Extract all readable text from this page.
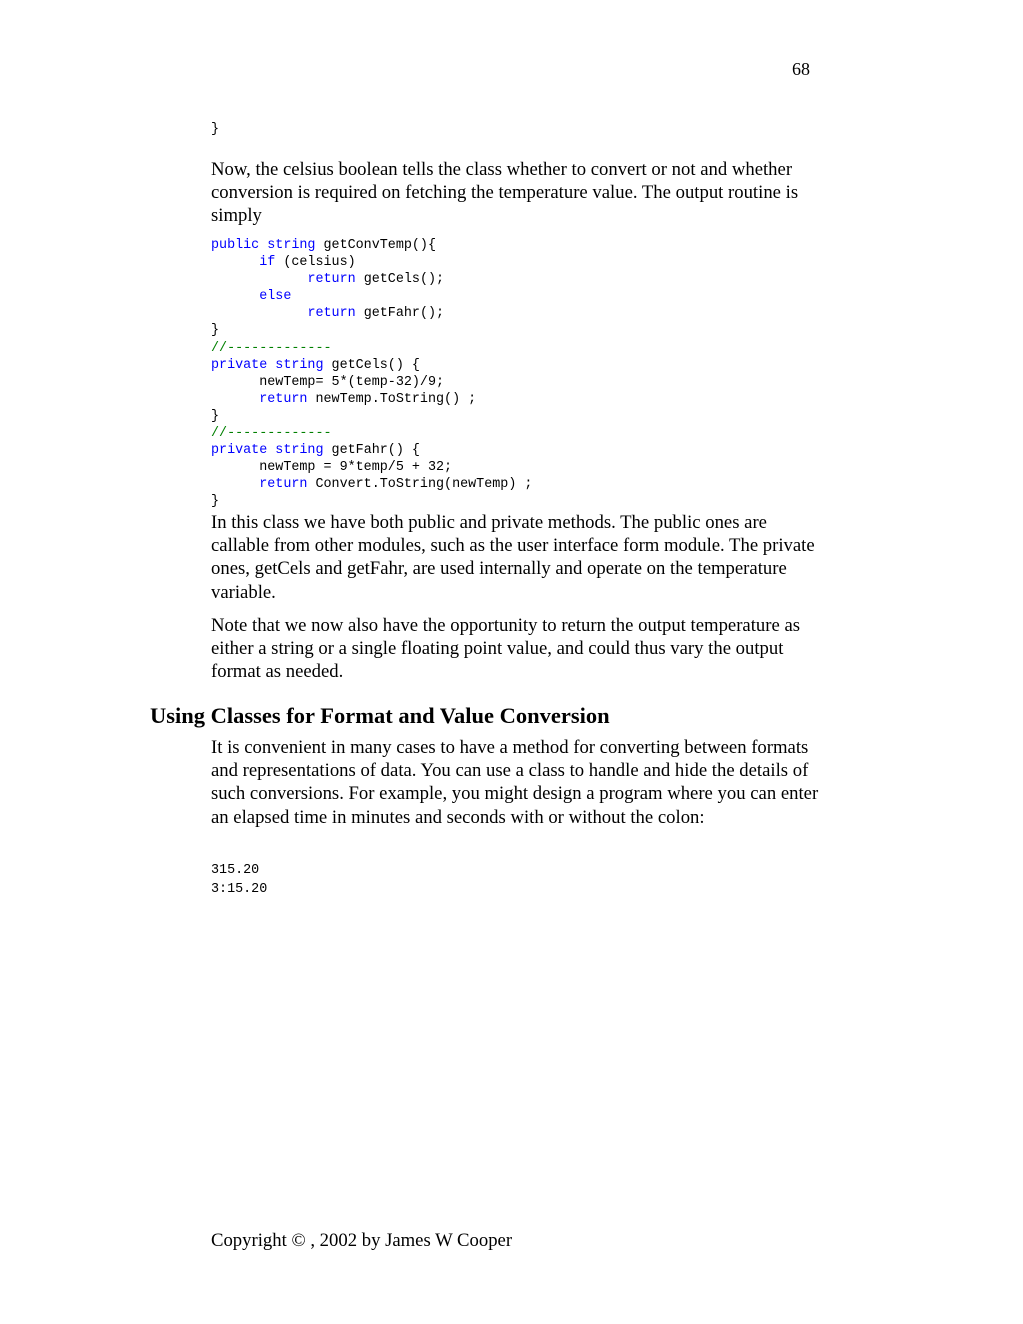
68
}

Now, the celsius boolean tells the class whether to convert or not and whether conversion is required on fetching the temperature value. The output routine is simply

public string getConvTemp(){
if (celsius)
return getCels();
else
return getFahr();
}
//-------------
private string getCels() {
newTemp= 5*(temp-32)/9;
return newTemp.ToString() ;
}
//-------------
private string getFahr() {
newTemp = 9*temp/5 + 32;
return Convert.ToString(newTemp) ;
}

In this class we have both public and private methods. The public ones are callable from other modules, such as the user interface form module. The private ones, getCels and getFahr, are used internally and operate on the temperature variable.

Note that we now also have the opportunity to return the output temperature as either a string or a single floating point value, and could thus vary the output format as needed.

Using Classes for Format and Value Conversion

It is convenient in many cases to have a method for converting between formats and representations of data. You can use a class to handle and hide the details of such conversions. For example, you might design a program where you can enter an elapsed time in minutes and seconds with or without the colon:

315.20
3:15.20
Copyright © , 2002 by James W Cooper
